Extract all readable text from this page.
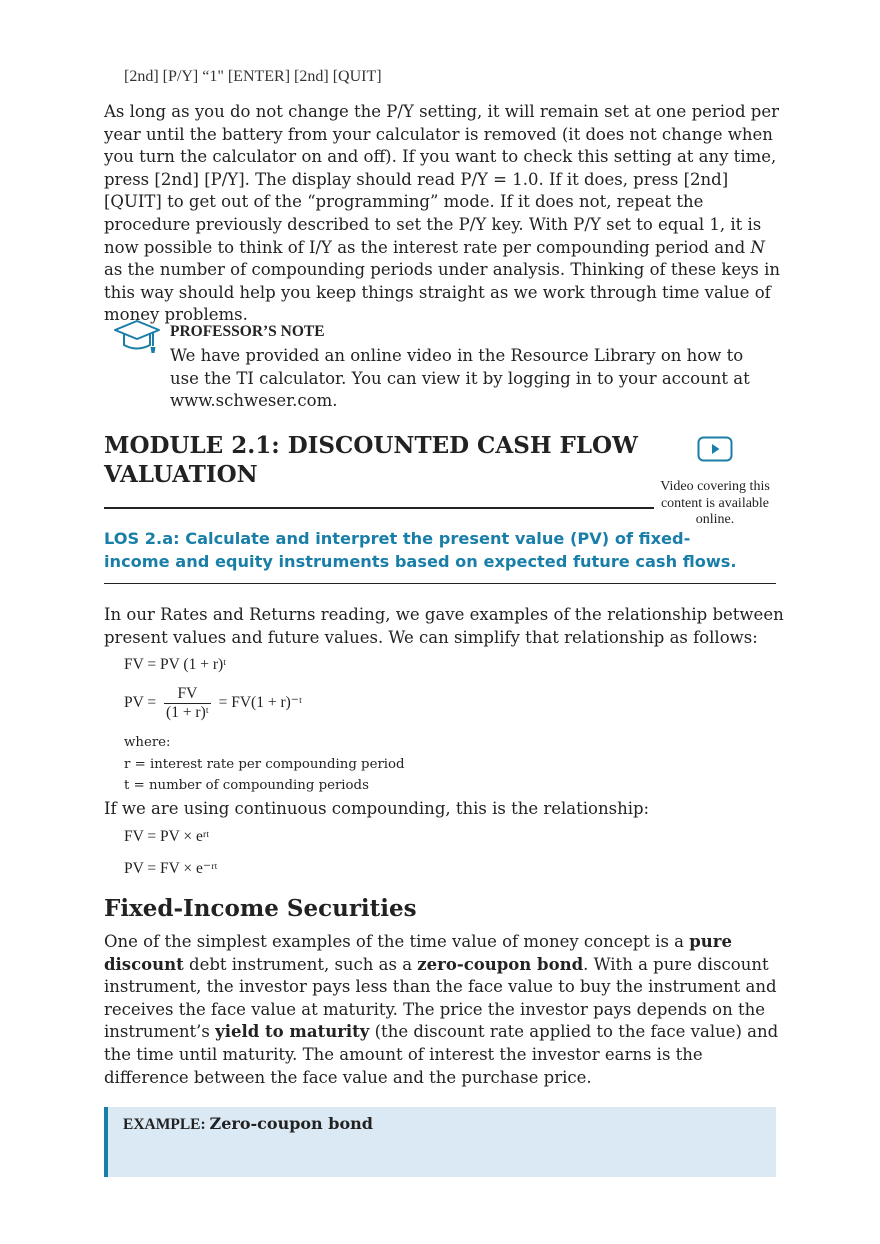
[2nd] [P/Y] “1" [ENTER] [2nd] [QUIT]
As long as you do not change the P/Y setting, it will remain set at one period per year until the battery from your calculator is removed (it does not change when you turn the calculator on and off). If you want to check this setting at any time, press [2nd] [P/Y]. The display should read P/Y = 1.0. If it does, press [2nd] [QUIT] to get out of the “programming” mode. If it does not, repeat the procedure previously described to set the P/Y key. With P/Y set to equal 1, it is now possible to think of I/Y as the interest rate per compounding period and N as the number of compounding periods under analysis. Thinking of these keys in this way should help you keep things straight as we work through time value of money problems.
PROFESSOR’S NOTE
We have provided an online video in the Resource Library on how to use the TI calculator. You can view it by logging in to your account at www.schweser.com.
MODULE 2.1: DISCOUNTED CASH FLOW VALUATION	Video covering this content is available online.
LOS 2.a: Calculate and interpret the present value (PV) of fixed-income and equity instruments based on expected future cash flows.
In our Rates and Returns reading, we gave examples of the relationship between present values and future values. We can simplify that relationship as follows:
FV = PV (1 + r)ᵗ
PV = $\frac{FV}{\text{(1 + r)ᵗ}} = FV(1$ + r)⁻ᵗ
where:
r = interest rate per compounding period
t = number of compounding periods
If we are using continuous compounding, this is the relationship:
FV = PV × eʳᵗ
PV = FV × e⁻ʳᵗ
Fixed-Income Securities
One of the simplest examples of the time value of money concept is a pure discount debt instrument, such as a zero-coupon bond. With a pure discount instrument, the investor pays less than the face value to buy the instrument and receives the face value at maturity. The price the investor pays depends on the instrument’s yield to maturity (the discount rate applied to the face value) and the time until maturity. The amount of interest the investor earns is the difference between the face value and the purchase price.
EXAMPLE: Zero-coupon bond
